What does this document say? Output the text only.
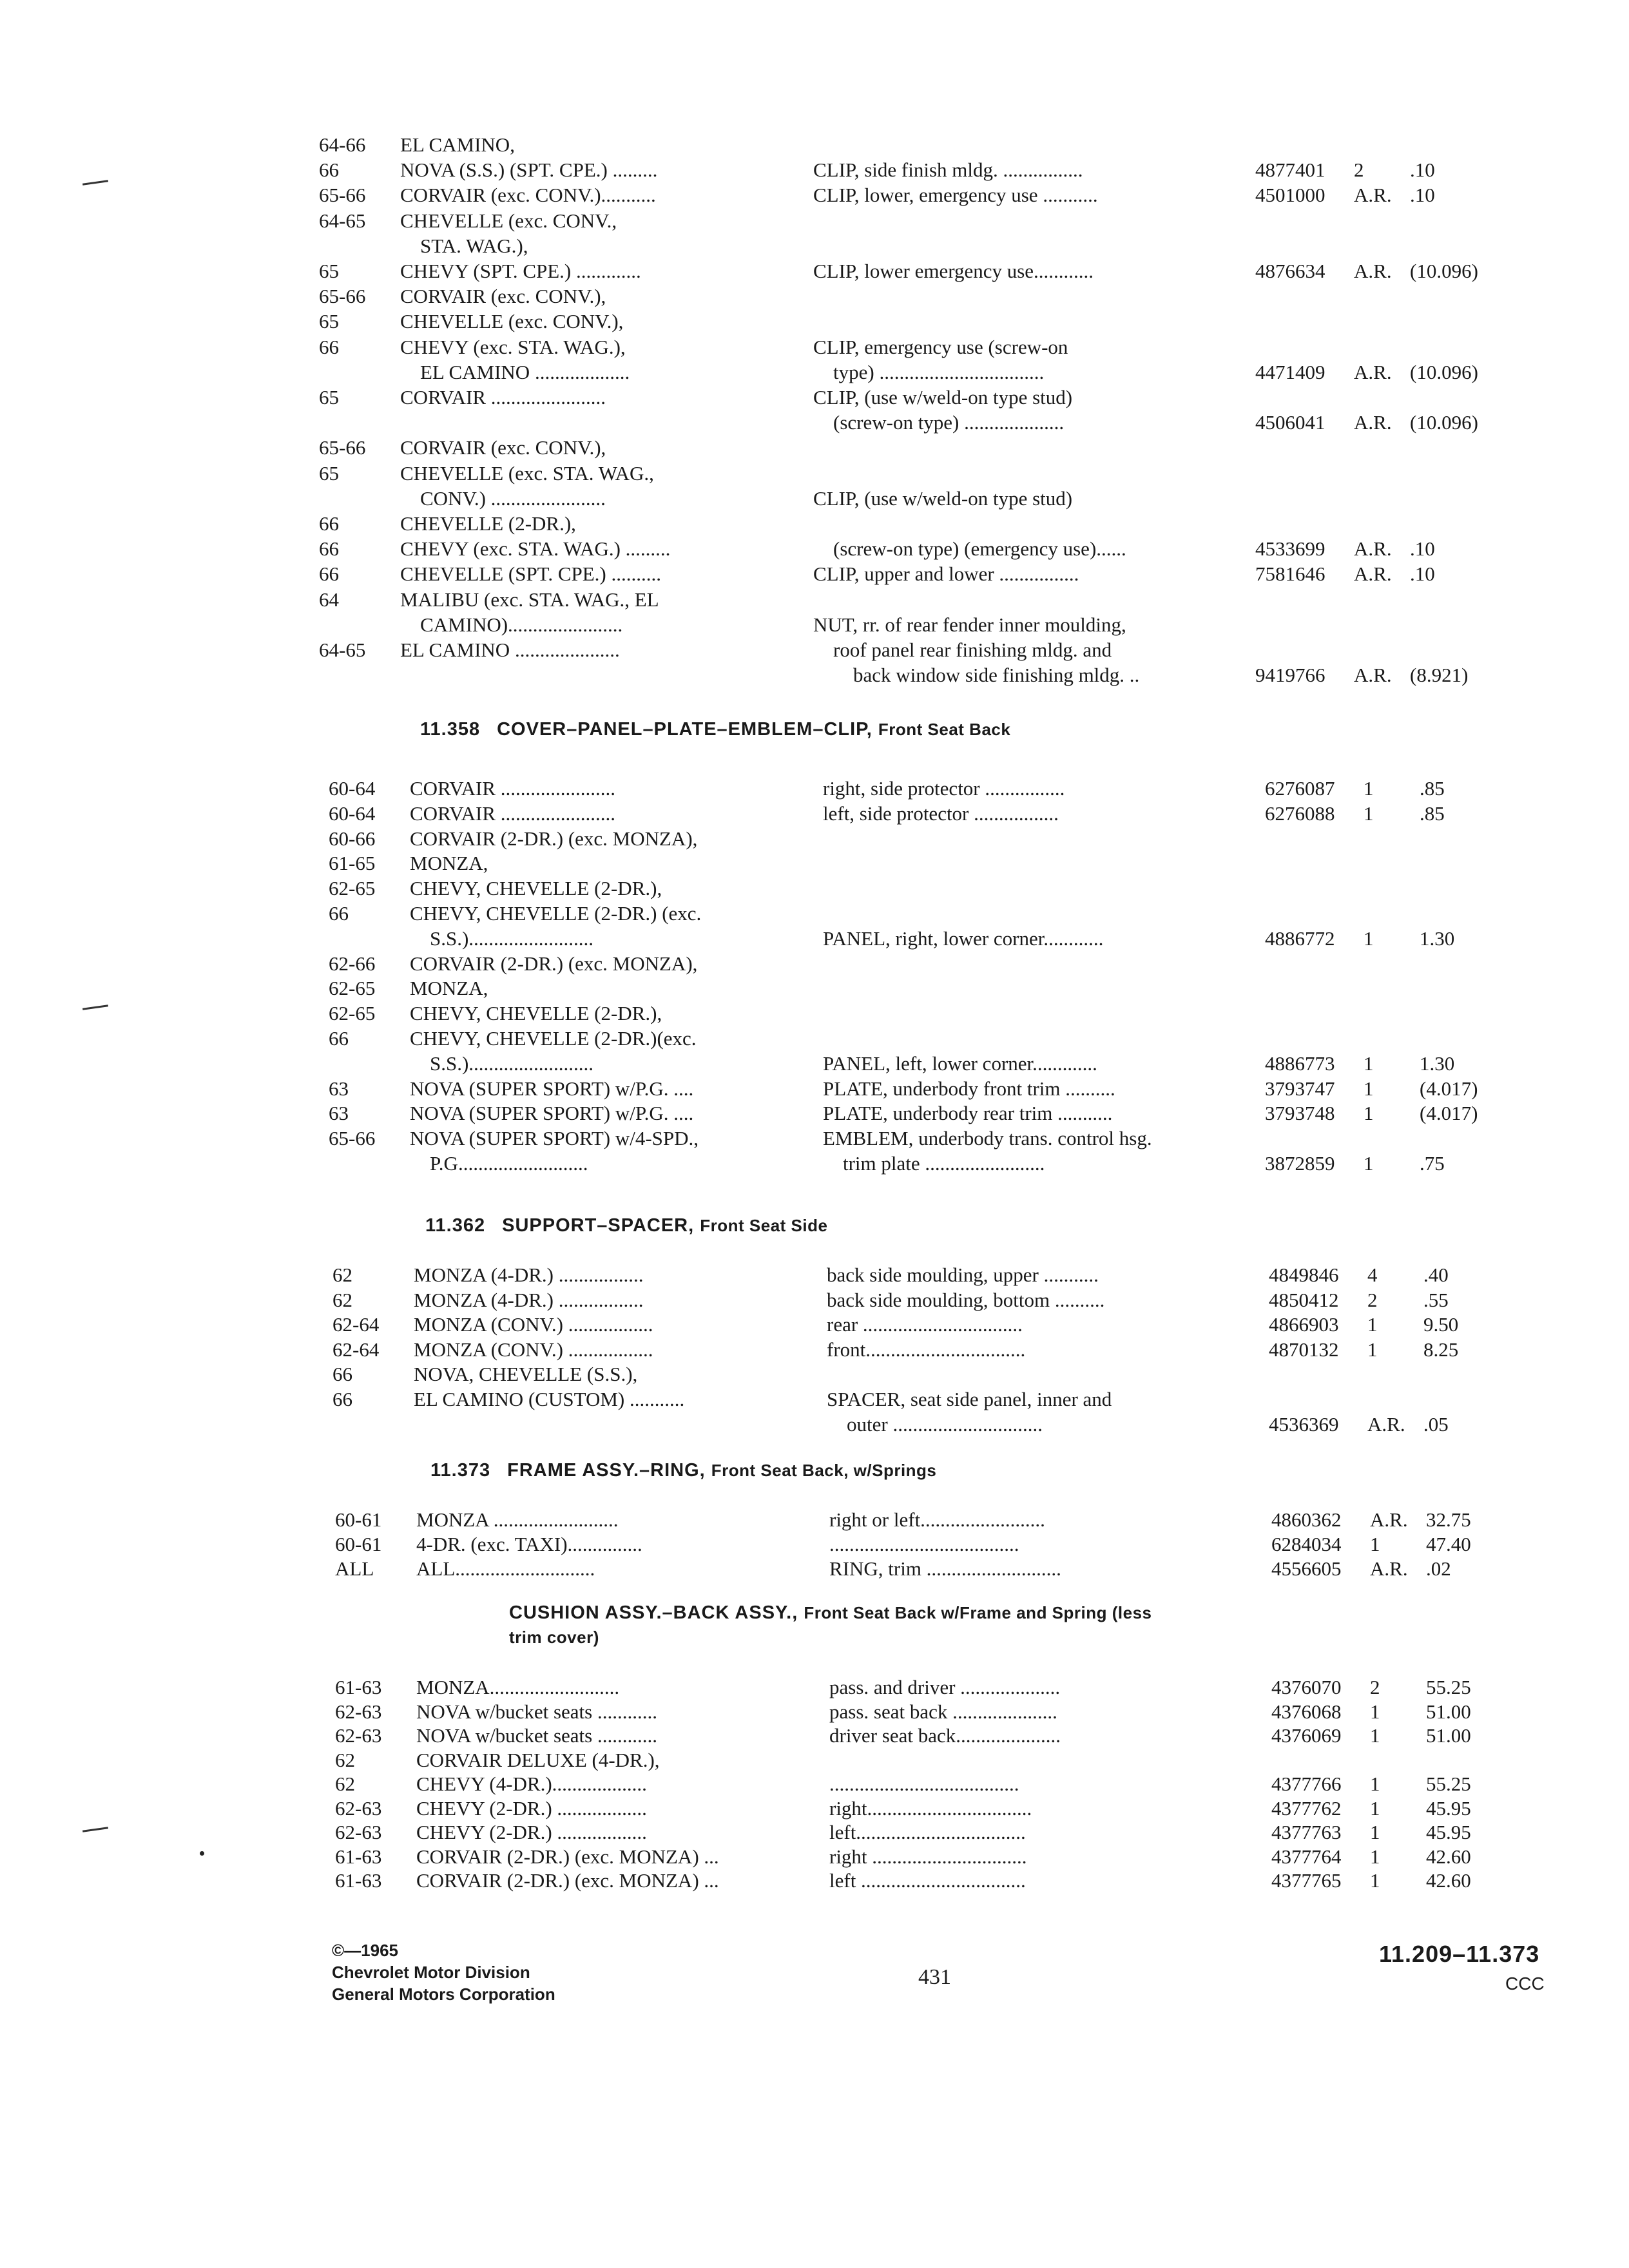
64-66 EL CAMINO,
66	NOVA (S.S.) (SPT. CPE.) .........	CLIP, side finish mldg. ................	4877401 2 .10
65-66 CORVAIR (exc. CONV.)...........	CLIP, lower, emergency use ...........	4501000 A.R. .10
64-65 CHEVELLE (exc. CONV.,
STA. WAG.),
65	CHEVY (SPT. CPE.) .............	CLIP, lower emergency use............	4876634 A.R. (10.096)
65-66 CORVAIR (exc. CONV.),
65	CHEVELLE (exc. CONV.),
66	CHEVY (exc. STA. WAG.),	CLIP, emergency use (screw-on
EL CAMINO ...................	type) .................................	4471409 A.R. (10.096)
65	CORVAIR .......................	CLIP, (use w/weld-on type stud)
(screw-on type) ....................	4506041 A.R. (10.096)
65-66 CORVAIR (exc. CONV.),
65	CHEVELLE (exc. STA. WAG.,
CONV.) .......................	CLIP, (use w/weld-on type stud)
66	CHEVELLE (2-DR.),
66	CHEVY (exc. STA. WAG.) .........	(screw-on type) (emergency use)......	4533699 A.R. .10
66	CHEVELLE (SPT. CPE.) ..........	CLIP, upper and lower ................	7581646 A.R. .10
64	MALIBU (exc. STA. WAG., EL
CAMINO).......................	NUT, rr. of rear fender inner moulding,
64-65 EL CAMINO .....................	roof panel rear finishing mldg. and
back window side finishing mldg. ..	9419766 A.R. (8.921)
11.358 COVER–PANEL–PLATE–EMBLEM–CLIP, Front Seat Back
60-64 CORVAIR .......................	right, side protector ................	6276087 1 .85
60-64 CORVAIR .......................	left, side protector .................	6276088 1 .85
60-66 CORVAIR (2-DR.) (exc. MONZA),
61-65 MONZA,
62-65 CHEVY, CHEVELLE (2-DR.),
66	CHEVY, CHEVELLE (2-DR.) (exc.
S.S.).........................	PANEL, right, lower corner............	4886772 1 1.30
62-66 CORVAIR (2-DR.) (exc. MONZA),
62-65 MONZA,
62-65 CHEVY, CHEVELLE (2-DR.),
66	CHEVY, CHEVELLE (2-DR.)(exc.
S.S.).........................	PANEL, left, lower corner.............	4886773 1 1.30
63	NOVA (SUPER SPORT) w/P.G. ....	PLATE, underbody front trim ..........	3793747 1 (4.017)
63	NOVA (SUPER SPORT) w/P.G. ....	PLATE, underbody rear trim ...........	3793748 1 (4.017)
65-66 NOVA (SUPER SPORT) w/4-SPD.,	EMBLEM, underbody trans. control hsg.
P.G..........................	trim plate ........................	3872859 1 .75
11.362 SUPPORT–SPACER, Front Seat Side
62	MONZA (4-DR.) .................	back side moulding, upper ...........	4849846 4 .40
62	MONZA (4-DR.) .................	back side moulding, bottom ..........	4850412 2 .55
62-64 MONZA (CONV.) .................	rear ................................	4866903 1 9.50
62-64 MONZA (CONV.) .................	front................................	4870132 1 8.25
66	NOVA, CHEVELLE (S.S.),
66	EL CAMINO (CUSTOM) ...........	SPACER, seat side panel, inner and
outer ..............................	4536369 A.R. .05
11.373 FRAME ASSY.–RING, Front Seat Back, w/Springs
60-61 MONZA .........................	right or left.........................	4860362 A.R. 32.75
60-61 4-DR. (exc. TAXI)...............	......................................	6284034 1 47.40
ALL ALL............................	RING, trim ...........................	4556605 A.R. .02
CUSHION ASSY.–BACK ASSY., Front Seat Back w/Frame and Spring (less
trim cover)
61-63 MONZA..........................	pass. and driver ....................	4376070 2 55.25
62-63 NOVA w/bucket seats ............	pass. seat back .....................	4376068 1 51.00
62-63 NOVA w/bucket seats ............	driver seat back.....................	4376069 1 51.00
62	CORVAIR DELUXE (4-DR.),
62	CHEVY (4-DR.)...................	......................................	4377766 1 55.25
62-63 CHEVY (2-DR.) ..................	right.................................	4377762 1 45.95
62-63 CHEVY (2-DR.) ..................	left..................................	4377763 1 45.95
61-63 CORVAIR (2-DR.) (exc. MONZA) ...	right ...............................	4377764 1 42.60
61-63 CORVAIR (2-DR.) (exc. MONZA) ...	left .................................	4377765 1 42.60
©—1965
Chevrolet Motor Division
General Motors Corporation
431
11.209–11.373
CCC
